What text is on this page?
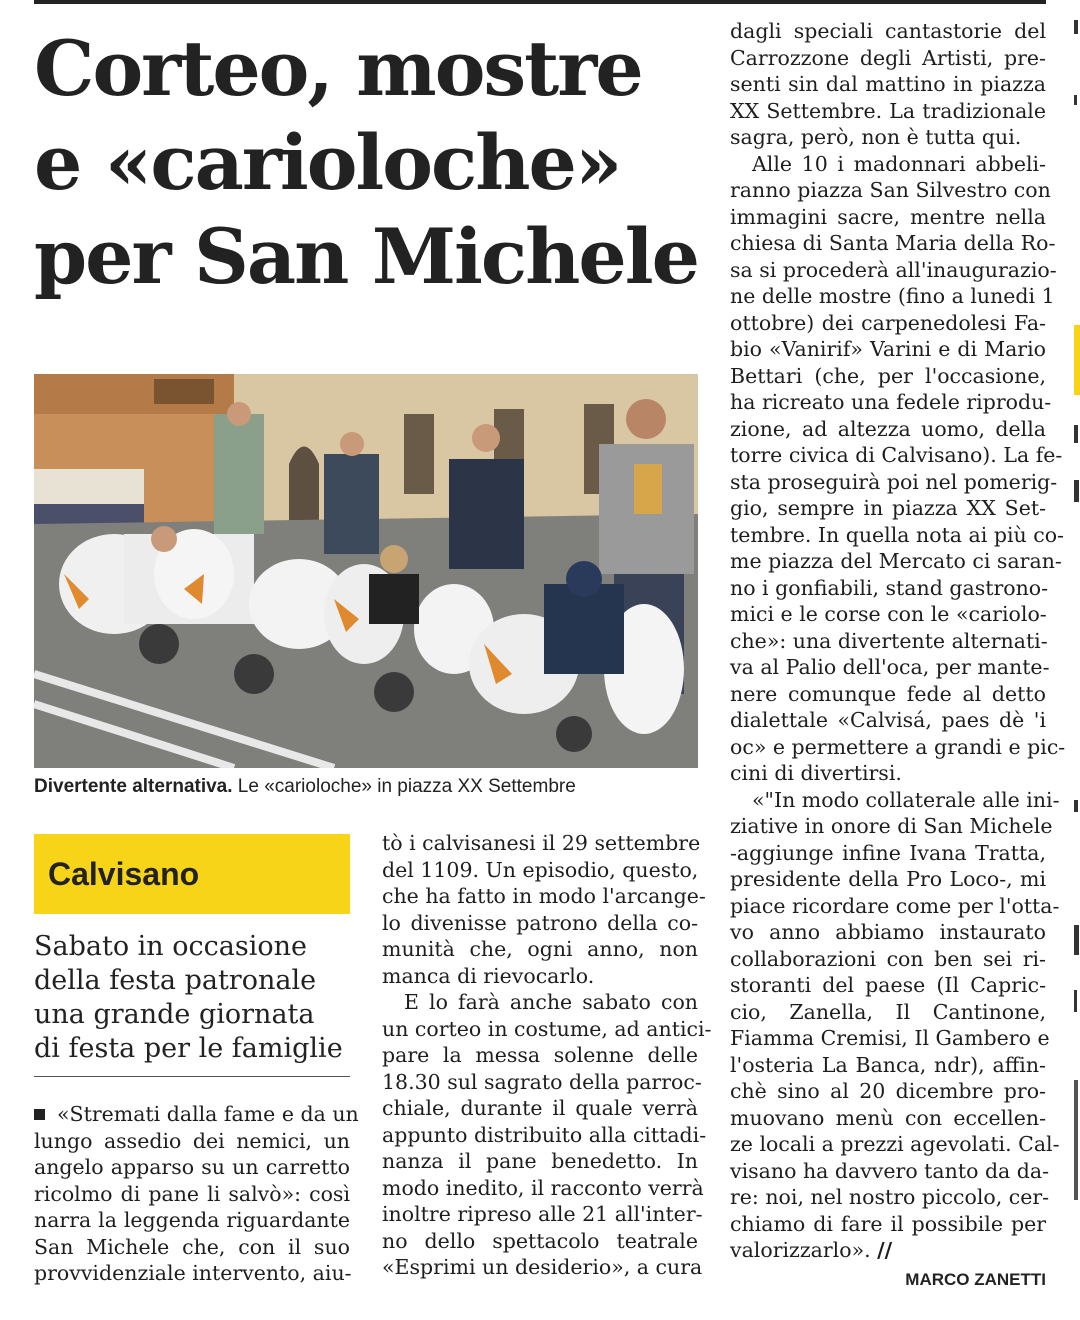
Corteo, mostre
e «carioloche»
per San Michele
Divertente alternativa. Le «carioloche» in piazza XX Settembre
Calvisano
Sabato in occasione
della festa patronale
una grande giornata
di festa per le famiglie
«Stremati dalla fame e da un
lungo assedio dei nemici, un
angelo apparso su un carretto
ricolmo di pane li salvò»: così
narra la leggenda riguardante
San Michele che, con il suo
provvidenziale intervento, aiu-
tò i calvisanesi il 29 settembre
del 1109. Un episodio, questo,
che ha fatto in modo l'arcange-
lo divenisse patrono della co-
munità che, ogni anno, non
manca di rievocarlo.
E lo farà anche sabato con
un corteo in costume, ad antici-
pare la messa solenne delle
18.30 sul sagrato della parroc-
chiale, durante il quale verrà
appunto distribuito alla cittadi-
nanza il pane benedetto. In
modo inedito, il racconto verrà
inoltre ripreso alle 21 all'inter-
no dello spettacolo teatrale
«Esprimi un desiderio», a cura
dagli speciali cantastorie del
Carrozzone degli Artisti, pre-
senti sin dal mattino in piazza
XX Settembre. La tradizionale
sagra, però, non è tutta qui.
Alle 10 i madonnari abbeli-
ranno piazza San Silvestro con
immagini sacre, mentre nella
chiesa di Santa Maria della Ro-
sa si procederà all'inaugurazio-
ne delle mostre (fino a lunedi 1
ottobre) dei carpenedolesi Fa-
bio «Vanirif» Varini e di Mario
Bettari (che, per l'occasione,
ha ricreato una fedele riprodu-
zione, ad altezza uomo, della
torre civica di Calvisano). La fe-
sta proseguirà poi nel pomerig-
gio, sempre in piazza XX Set-
tembre. In quella nota ai più co-
me piazza del Mercato ci saran-
no i gonfiabili, stand gastrono-
mici e le corse con le «cariolo-
che»: una divertente alternati-
va al Palio dell'oca, per mante-
nere comunque fede al detto
dialettale «Calvisá, paes dè 'i
oc» e permettere a grandi e pic-
cini di divertirsi.
«"In modo collaterale alle ini-
ziative in onore di San Michele
-aggiunge infine Ivana Tratta,
presidente della Pro Loco-, mi
piace ricordare come per l'otta-
vo anno abbiamo instaurato
collaborazioni con ben sei ri-
storanti del paese (Il Capric-
cio, Zanella, Il Cantinone,
Fiamma Cremisi, Il Gambero e
l'osteria La Banca, ndr), affin-
chè sino al 20 dicembre pro-
muovano menù con eccellen-
ze locali a prezzi agevolati. Cal-
visano ha davvero tanto da da-
re: noi, nel nostro piccolo, cer-
chiamo di fare il possibile per
valorizzarlo». //
MARCO ZANETTI
